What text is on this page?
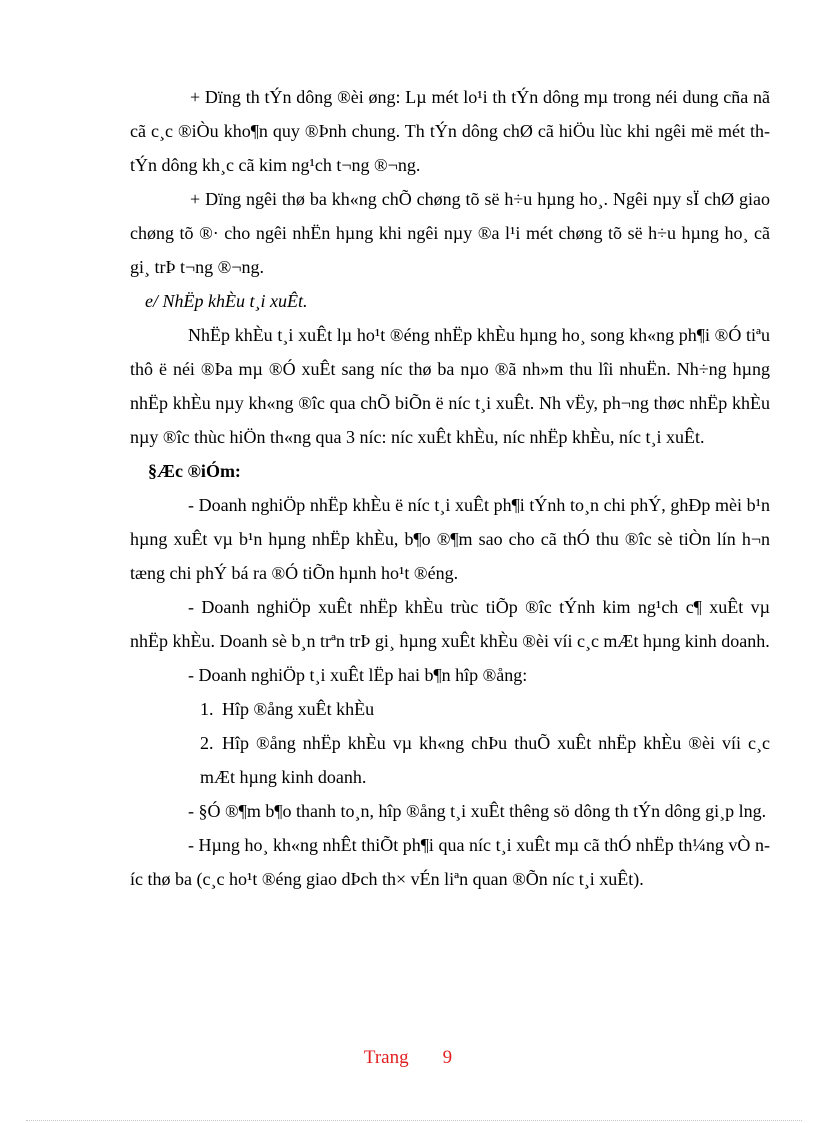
+ Dïng th tÝn dông ®èi øng: Lµ mét lo¹i th tÝn dông mµ trong néi dung cña nã cã c¸c ®iÒu kho¶n quy ®Þnh chung. Th tÝn dông chØ cã hiÖu lùc khi ngêi më mét th tÝn dông kh¸c cã kim ng¹ch t¬ng ®¬ng.

+ Dïng ngêi thø ba kh«ng chÕ chøng tõ së h÷u hµng ho¸. Ngêi nµy sÏ chØ giao chøng tõ ®· cho ngêi nhËn hµng khi ngêi nµy ®a l¹i mét chøng tõ së h÷u hµng ho¸ cã gi¸ trÞ t¬ng ®¬ng.

e/ NhËp khÈu t¸i xuÊt.

NhËp khÈu t¸i xuÊt lµ ho¹t ®éng nhËp khÈu hµng ho¸ song kh«ng ph¶i ®Ó tiªu thô ë néi ®Þa mµ ®Ó xuÊt sang níc thø ba nµo ®ã nh»m thu lîi nhuËn. Nh÷ng hµng nhËp khÈu nµy kh«ng ®îc qua chÕ biÕn ë níc t¸i xuÊt. Nh vËy, ph¬ng thøc nhËp khÈu nµy ®îc thùc hiÖn th«ng qua 3 níc: níc xuÊt khÈu, níc nhËp khÈu, níc t¸i xuÊt.

§Æc ®iÓm:

- Doanh nghiÖp nhËp khÈu ë níc t¸i xuÊt ph¶i tÝnh to¸n chi phÝ, ghÐp mèi b¹n hµng xuÊt vµ b¹n hµng nhËp khÈu, b¶o ®¶m sao cho cã thÓ thu ®îc sè tiÒn lín h¬n tæng chi phÝ bá ra ®Ó tiÕn hµnh ho¹t ®éng.

- Doanh nghiÖp xuÊt nhËp khÈu trùc tiÕp ®îc tÝnh kim ng¹ch c¶ xuÊt vµ nhËp khÈu. Doanh sè b¸n trªn trÞ gi¸ hµng xuÊt khÈu ®èi víi c¸c mÆt hµng kinh doanh.

- Doanh nghiÖp t¸i xuÊt lËp hai b¶n hîp ®ång:

1. Hîp ®ång xuÊt khÈu

2. Hîp ®ång nhËp khÈu vµ kh«ng chÞu thuÕ xuÊt nhËp khÈu ®èi víi c¸c mÆt hµng kinh doanh.

- §Ó ®¶m b¶o thanh to¸n, hîp ®ång t¸i xuÊt thêng sö dông th tÝn dông gi¸p lng.

- Hµng ho¸ kh«ng nhÊt thiÕt ph¶i qua níc t¸i xuÊt mµ cã thÓ nhËp th¼ng vÒ níc thø ba (c¸c ho¹t ®éng giao dÞch th× vÉn liªn quan ®Õn níc t¸i xuÊt).

Trang 9
